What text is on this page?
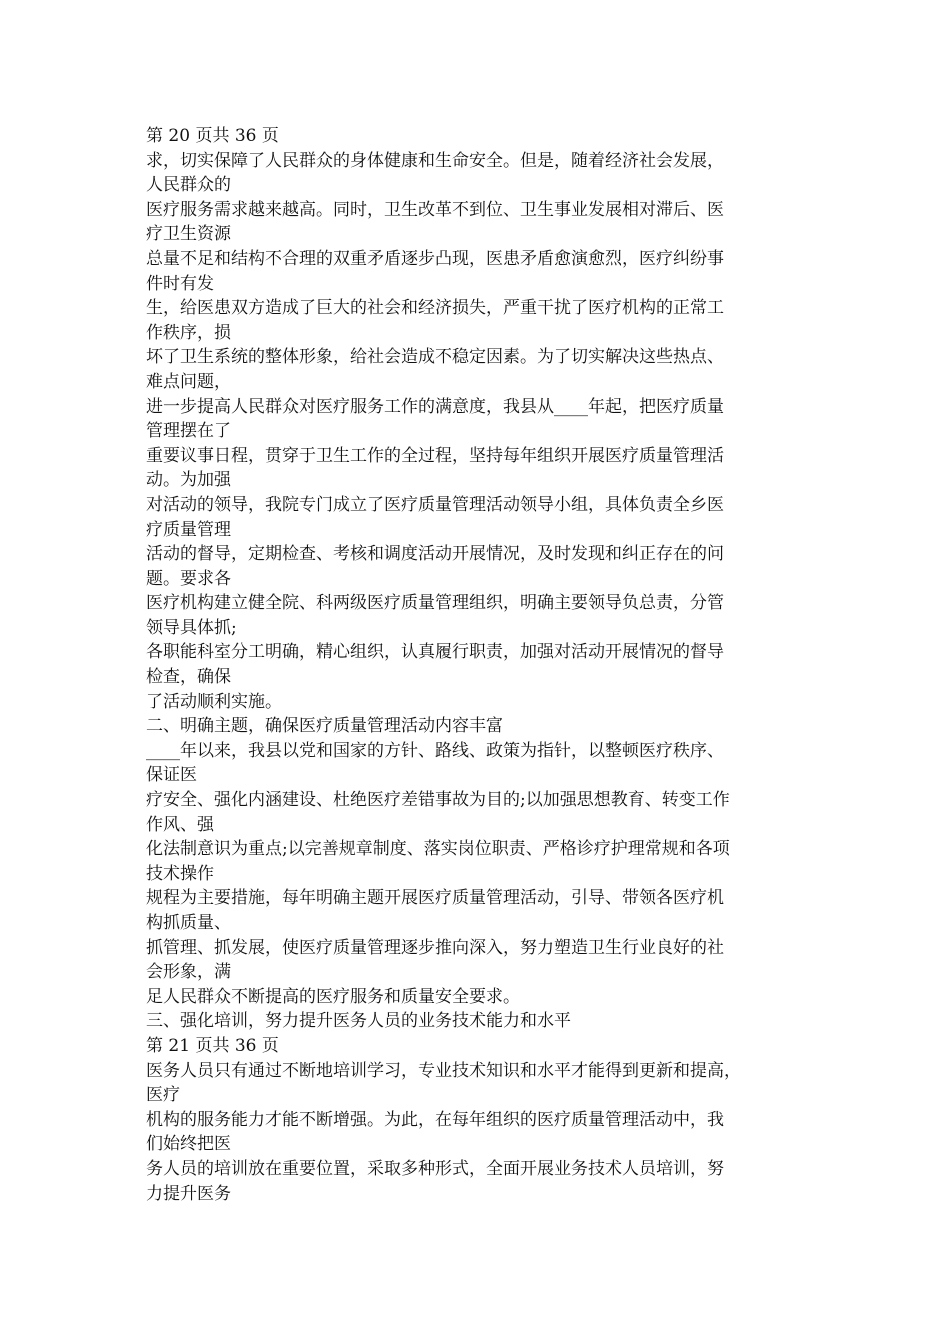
第 20 页共 36 页

求，切实保障了人民群众的身体健康和生命安全。但是，随着经济社会发展，

人民群众的

医疗服务需求越来越高。同时，卫生改革不到位、卫生事业发展相对滞后、医

疗卫生资源

总量不足和结构不合理的双重矛盾逐步凸现，医患矛盾愈演愈烈，医疗纠纷事

件时有发

生，给医患双方造成了巨大的社会和经济损失，严重干扰了医疗机构的正常工

作秩序，损

坏了卫生系统的整体形象，给社会造成不稳定因素。为了切实解决这些热点、

难点问题，

进一步提高人民群众对医疗服务工作的满意度，我县从____年起，把医疗质量

管理摆在了

重要议事日程，贯穿于卫生工作的全过程，坚持每年组织开展医疗质量管理活

动。为加强

对活动的领导，我院专门成立了医疗质量管理活动领导小组，具体负责全乡医

疗质量管理

活动的督导，定期检查、考核和调度活动开展情况，及时发现和纠正存在的问

题。要求各

医疗机构建立健全院、科两级医疗质量管理组织，明确主要领导负总责，分管

领导具体抓;

各职能科室分工明确，精心组织，认真履行职责，加强对活动开展情况的督导

检查，确保

了活动顺利实施。

二、明确主题，确保医疗质量管理活动内容丰富

____年以来，我县以党和国家的方针、路线、政策为指针，以整顿医疗秩序、

保证医

疗安全、强化内涵建设、杜绝医疗差错事故为目的;以加强思想教育、转变工作

作风、强

化法制意识为重点;以完善规章制度、落实岗位职责、严格诊疗护理常规和各项

技术操作

规程为主要措施，每年明确主题开展医疗质量管理活动，引导、带领各医疗机

构抓质量、

抓管理、抓发展，使医疗质量管理逐步推向深入，努力塑造卫生行业良好的社

会形象，满

足人民群众不断提高的医疗服务和质量安全要求。

三、强化培训，努力提升医务人员的业务技术能力和水平

第 21 页共 36 页

医务人员只有通过不断地培训学习，专业技术知识和水平才能得到更新和提高，

医疗

机构的服务能力才能不断增强。为此，在每年组织的医疗质量管理活动中，我

们始终把医

务人员的培训放在重要位置，采取多种形式，全面开展业务技术人员培训，努

力提升医务
